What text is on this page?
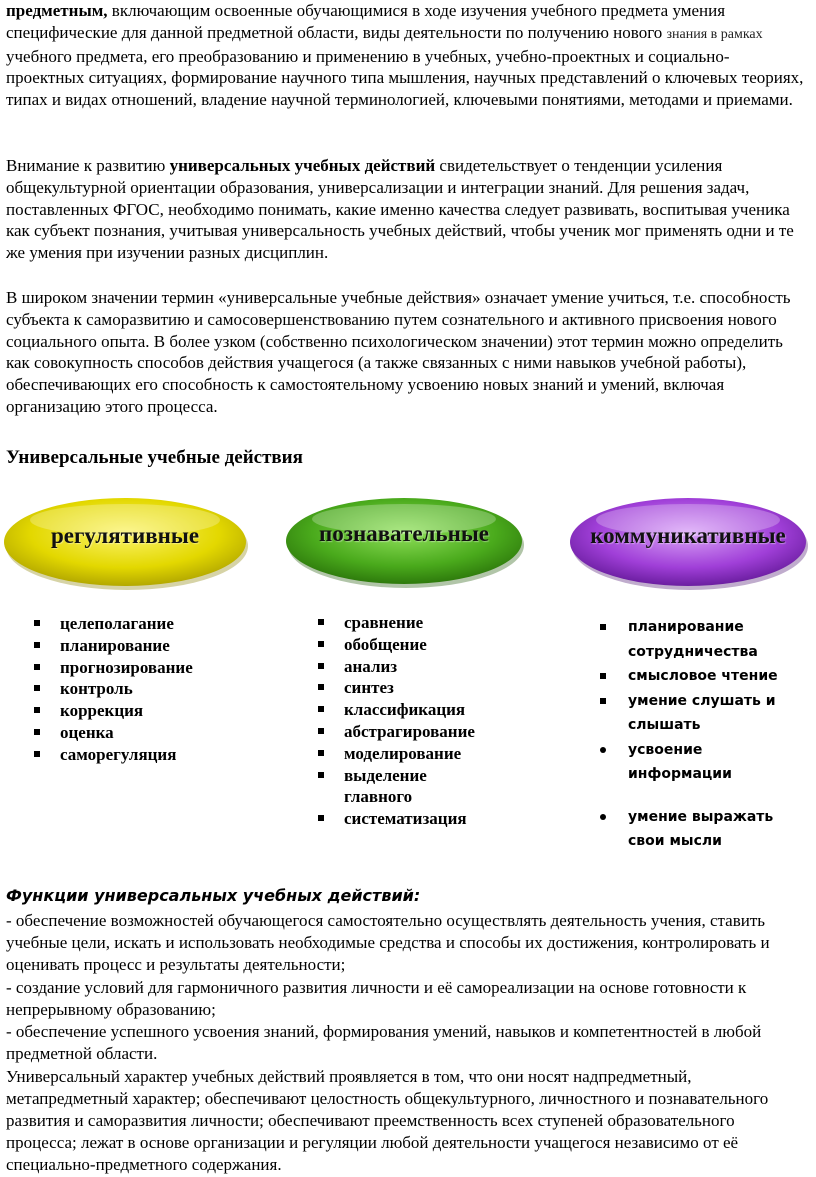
предметным, включающим освоенные обучающимися в ходе изучения учебного предмета умения специфические для данной предметной области, виды деятельности по получению нового знания в рамках учебного предмета, его преобразованию и применению в учебных, учебно-проектных и социально-проектных ситуациях, формирование научного типа мышления, научных представлений о ключевых теориях, типах и видах отношений, владение научной терминологией, ключевыми понятиями, методами и приемами.

Внимание к развитию универсальных учебных действий свидетельствует о тенденции усиления общекультурной ориентации образования, универсализации и интеграции знаний. Для решения задач, поставленных ФГОС, необходимо понимать, какие именно качества следует развивать, воспитывая ученика как субъект познания, учитывая универсальность учебных действий, чтобы ученик мог применять одни и те же умения при изучении разных дисциплин.

В широком значении термин «универсальные учебные действия» означает умение учиться, т.е. способность субъекта к саморазвитию и самосовершенствованию путем сознательного и активного присвоения нового социального опыта. В более узком (собственно психологическом значении) этот термин можно определить как совокупность способов действия учащегося (а также связанных с ними навыков учебной работы), обеспечивающих его способность к самостоятельному усвоению новых знаний и умений, включая организацию этого процесса.

Универсальные учебные действия
регулятивные	познавательные	коммуникативные
целеполагание
планирование
прогнозирование
контроль
коррекция
оценка
саморегуляция
сравнение
обобщение
анализ
синтез
классификация
абстрагирование
моделирование
выделение главного
систематизация
планирование сотрудничества
смысловое чтение
умение слушать и слышать
усвоение информации
умение выражать свои мысли

Функции универсальных учебных действий:

- обеспечение возможностей обучающегося самостоятельно осуществлять деятельность учения, ставить учебные цели, искать и использовать необходимые средства и способы их достижения, контролировать и оценивать процесс и результаты деятельности;

- создание условий для гармоничного развития личности и её самореализации на основе готовности к непрерывному образованию;

- обеспечение успешного усвоения знаний, формирования умений, навыков и компетентностей в любой предметной области.

Универсальный характер учебных действий проявляется в том, что они носят надпредметный, метапредметный характер; обеспечивают целостность общекультурного, личностного и познавательного развития и саморазвития личности; обеспечивают преемственность всех ступеней образовательного процесса; лежат в основе организации и регуляции любой деятельности учащегося независимо от её специально-предметного содержания.
